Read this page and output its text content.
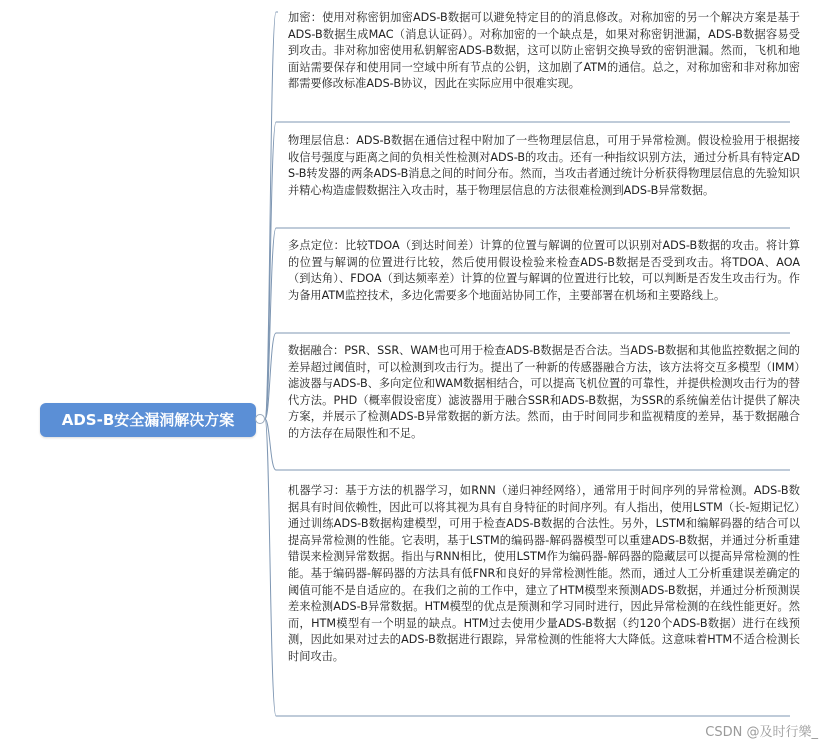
ADS-B安全漏洞解决方案

加密：使用对称密钥加密ADS-B数据可以避免特定目的的消息修改。对称加密的另一个解决方案是基于ADS-B数据生成MAC（消息认证码）。对称加密的一个缺点是，如果对称密钥泄漏，ADS-B数据容易受到攻击。非对称加密使用私钥解密ADS-B数据，这可以防止密钥交换导致的密钥泄漏。然而，飞机和地面站需要保存和使用同一空域中所有节点的公钥，这加剧了ATM的通信。总之，对称加密和非对称加密都需要修改标准ADS-B协议，因此在实际应用中很难实现。

物理层信息：ADS-B数据在通信过程中附加了一些物理层信息，可用于异常检测。假设检验用于根据接收信号强度与距离之间的负相关性检测对ADS-B的攻击。还有一种指纹识别方法，通过分析具有特定ADS-B转发器的两条ADS-B消息之间的时间分布。然而，当攻击者通过统计分析获得物理层信息的先验知识并精心构造虚假数据注入攻击时，基于物理层信息的方法很难检测到ADS-B异常数据。

多点定位：比较TDOA（到达时间差）计算的位置与解调的位置可以识别对ADS-B数据的攻击。将计算的位置与解调的位置进行比较，然后使用假设检验来检查ADS-B数据是否受到攻击。将TDOA、AOA（到达角）、FDOA（到达频率差）计算的位置与解调的位置进行比较，可以判断是否发生攻击行为。作为备用ATM监控技术，多边化需要多个地面站协同工作，主要部署在机场和主要路线上。

数据融合：PSR、SSR、WAM也可用于检查ADS-B数据是否合法。当ADS-B数据和其他监控数据之间的差异超过阈值时，可以检测到攻击行为。提出了一种新的传感器融合方法，该方法将交互多模型（IMM）滤波器与ADS-B、多向定位和WAM数据相结合，可以提高飞机位置的可靠性，并提供检测攻击行为的替代方法。PHD（概率假设密度）滤波器用于融合SSR和ADS-B数据，为SSR的系统偏差估计提供了解决方案，并展示了检测ADS-B异常数据的新方法。然而，由于时间同步和监视精度的差异，基于数据融合的方法存在局限性和不足。

机器学习：基于方法的机器学习，如RNN（递归神经网络），通常用于时间序列的异常检测。ADS-B数据具有时间依赖性，因此可以将其视为具有自身特征的时间序列。有人指出，使用LSTM（长-短期记忆）通过训练ADS-B数据构建模型，可用于检查ADS-B数据的合法性。另外，LSTM和编解码器的结合可以提高异常检测的性能。它表明，基于LSTM的编码器-解码器模型可以重建ADS-B数据，并通过分析重建错误来检测异常数据。指出与RNN相比，使用LSTM作为编码器-解码器的隐藏层可以提高异常检测的性能。基于编码器-解码器的方法具有低FNR和良好的异常检测性能。然而，通过人工分析重建误差确定的阈值可能不是自适应的。在我们之前的工作中，建立了HTM模型来预测ADS-B数据，并通过分析预测误差来检测ADS-B异常数据。HTM模型的优点是预测和学习同时进行，因此异常检测的在线性能更好。然而，HTM模型有一个明显的缺点。HTM过去使用少量ADS-B数据（约120个ADS-B数据）进行在线预测，因此如果对过去的ADS-B数据进行跟踪，异常检测的性能将大大降低。这意味着HTM不适合检测长时间攻击。

CSDN @及时行樂_
